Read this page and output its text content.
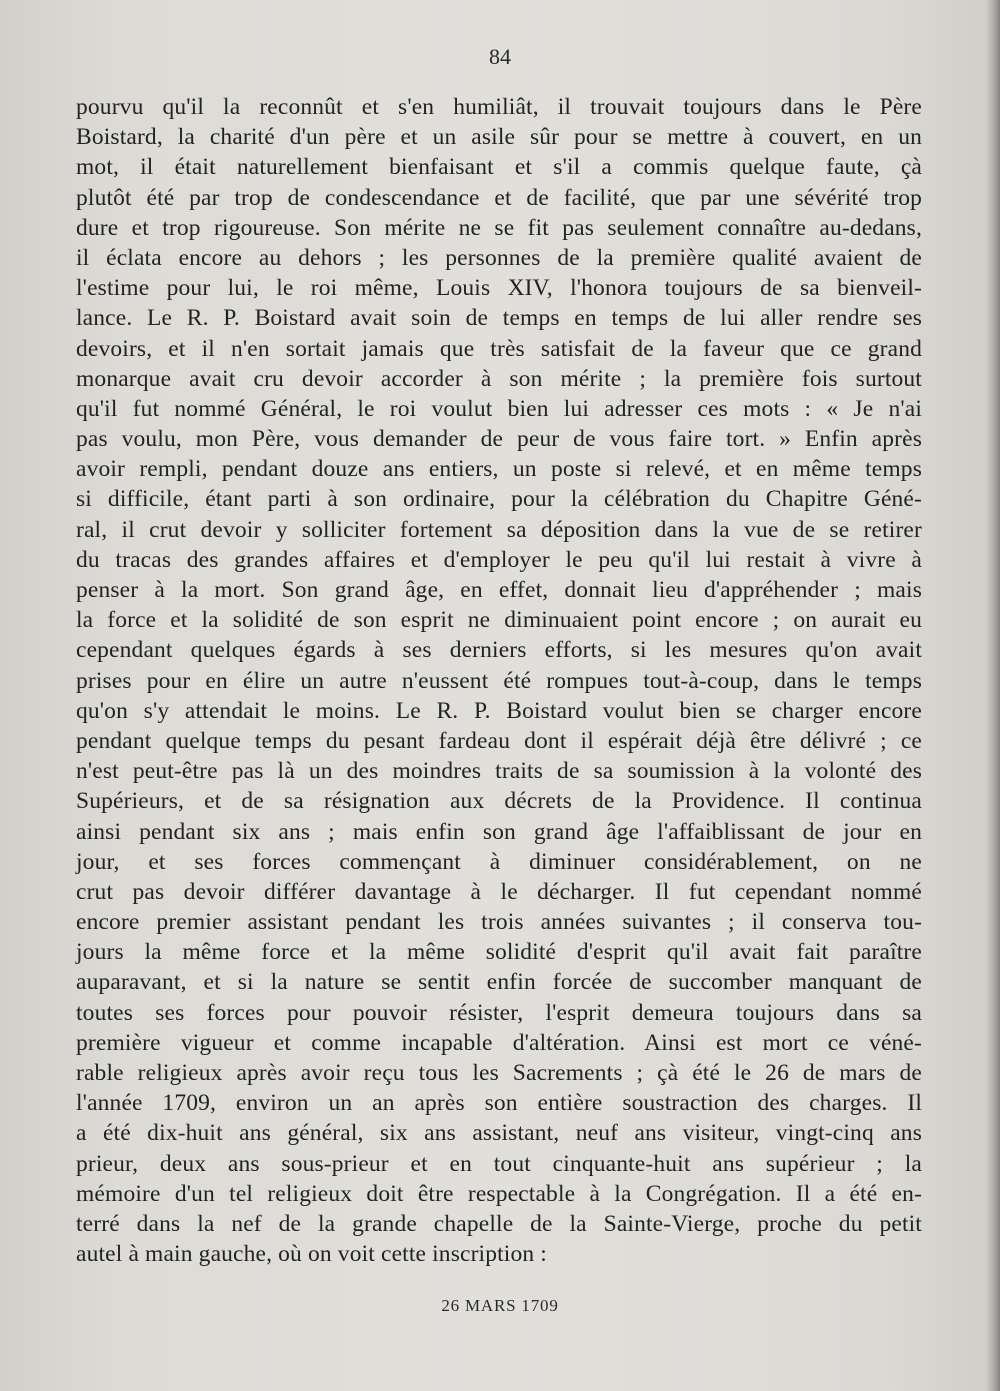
84
pourvu qu'il la reconnût et s'en humiliât, il trouvait toujours dans le Père
Boistard, la charité d'un père et un asile sûr pour se mettre à couvert, en un
mot, il était naturellement bienfaisant et s'il a commis quelque faute, çà
plutôt été par trop de condescendance et de facilité, que par une sévérité trop
dure et trop rigoureuse. Son mérite ne se fit pas seulement connaître au-dedans,
il éclata encore au dehors ; les personnes de la première qualité avaient de
l'estime pour lui, le roi même, Louis XIV, l'honora toujours de sa bienveil-
lance. Le R. P. Boistard avait soin de temps en temps de lui aller rendre ses
devoirs, et il n'en sortait jamais que très satisfait de la faveur que ce grand
monarque avait cru devoir accorder à son mérite ; la première fois surtout
qu'il fut nommé Général, le roi voulut bien lui adresser ces mots : « Je n'ai
pas voulu, mon Père, vous demander de peur de vous faire tort. » Enfin après
avoir rempli, pendant douze ans entiers, un poste si relevé, et en même temps
si difficile, étant parti à son ordinaire, pour la célébration du Chapitre Géné-
ral, il crut devoir y solliciter fortement sa déposition dans la vue de se retirer
du tracas des grandes affaires et d'employer le peu qu'il lui restait à vivre à
penser à la mort. Son grand âge, en effet, donnait lieu d'appréhender ; mais
la force et la solidité de son esprit ne diminuaient point encore ; on aurait eu
cependant quelques égards à ses derniers efforts, si les mesures qu'on avait
prises pour en élire un autre n'eussent été rompues tout-à-coup, dans le temps
qu'on s'y attendait le moins. Le R. P. Boistard voulut bien se charger encore
pendant quelque temps du pesant fardeau dont il espérait déjà être délivré ; ce
n'est peut-être pas là un des moindres traits de sa soumission à la volonté des
Supérieurs, et de sa résignation aux décrets de la Providence. Il continua
ainsi pendant six ans ; mais enfin son grand âge l'affaiblissant de jour en
jour, et ses forces commençant à diminuer considérablement, on ne
crut pas devoir différer davantage à le décharger. Il fut cependant nommé
encore premier assistant pendant les trois années suivantes ; il conserva tou-
jours la même force et la même solidité d'esprit qu'il avait fait paraître
auparavant, et si la nature se sentit enfin forcée de succomber manquant de
toutes ses forces pour pouvoir résister, l'esprit demeura toujours dans sa
première vigueur et comme incapable d'altération. Ainsi est mort ce véné-
rable religieux après avoir reçu tous les Sacrements ; çà été le 26 de mars de
l'année 1709, environ un an après son entière soustraction des charges. Il
a été dix-huit ans général, six ans assistant, neuf ans visiteur, vingt-cinq ans
prieur, deux ans sous-prieur et en tout cinquante-huit ans supérieur ; la
mémoire d'un tel religieux doit être respectable à la Congrégation. Il a été en-
terré dans la nef de la grande chapelle de la Sainte-Vierge, proche du petit
autel à main gauche, où on voit cette inscription :
26 MARS 1709
